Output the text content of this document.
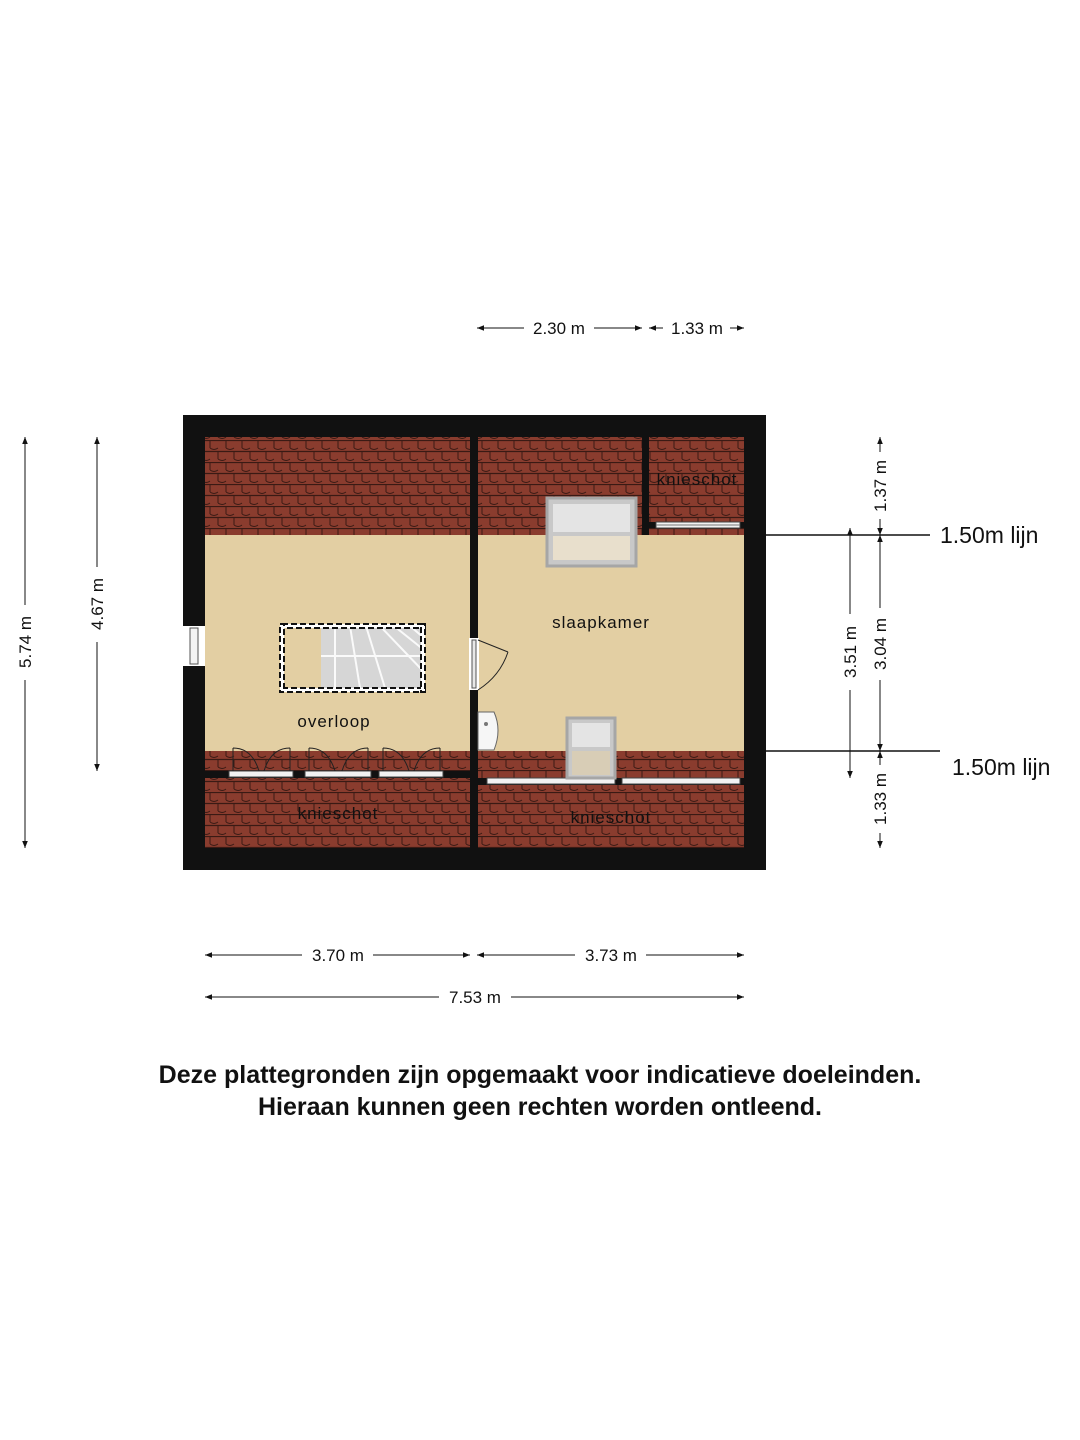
overloop
slaapkamer
knieschot
knieschot	knieschot
1.50m lijn
1.50m lijn
2.30 m	1.33 m
3.70 m	3.73 m
7.53 m
5.74 m
4.67 m
1.37 m
3.04 m
1.33 m
3.51 m
Deze plattegronden zijn opgemaakt voor indicatieve doeleinden.
Hieraan kunnen geen rechten worden ontleend.
